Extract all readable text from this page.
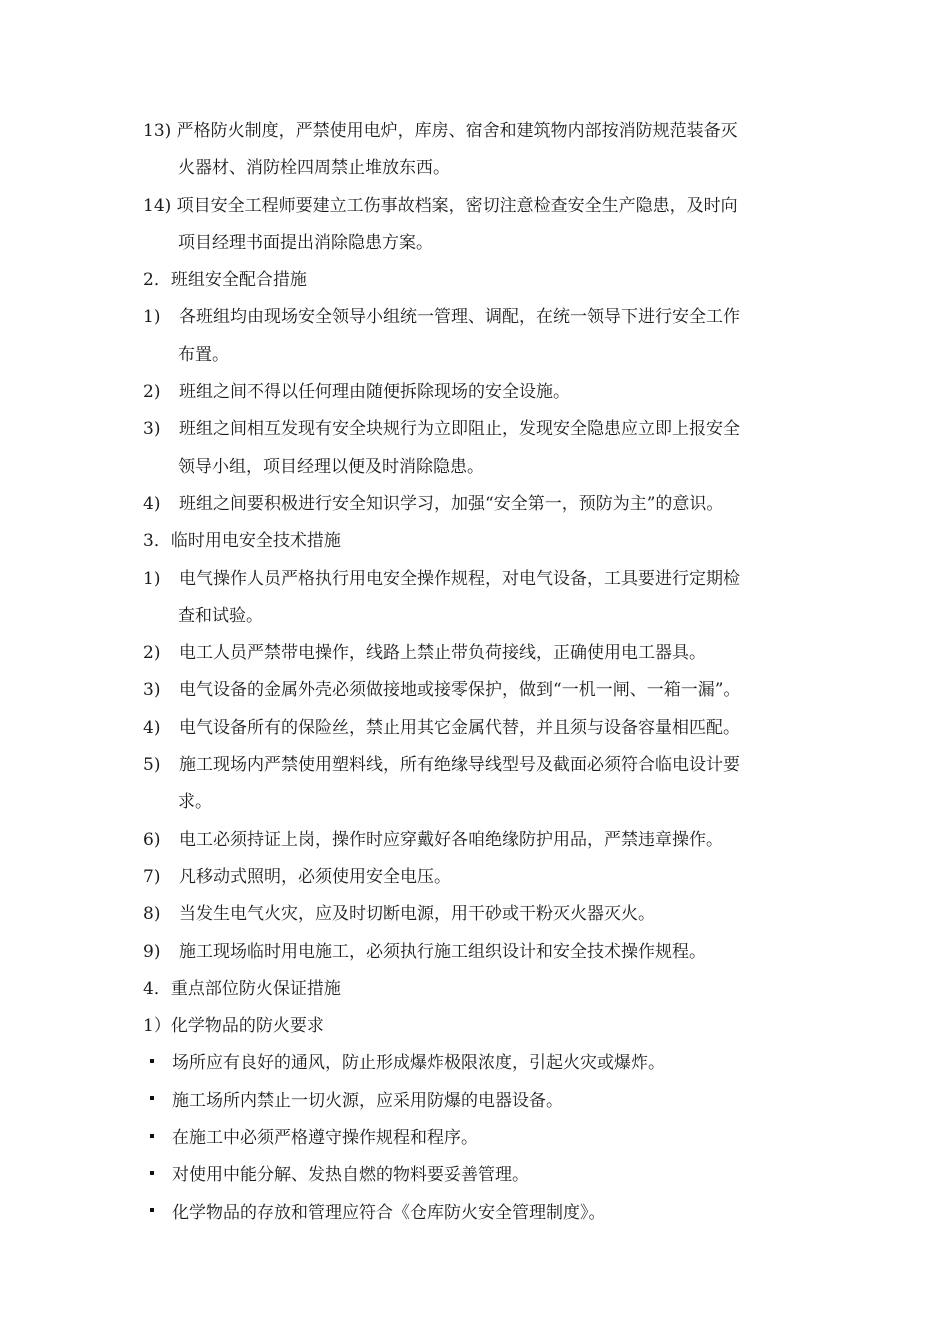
13) 严格防火制度，严禁使用电炉，库房、宿舍和建筑物内部按消防规范装备灭
火器材、消防栓四周禁止堆放东西。
14) 项目安全工程师要建立工伤事故档案，密切注意检查安全生产隐患，及时向
项目经理书面提出消除隐患方案。
2．班组安全配合措施
1) 各班组均由现场安全领导小组统一管理、调配，在统一领导下进行安全工作
布置。
2) 班组之间不得以任何理由随便拆除现场的安全设施。
3) 班组之间相互发现有安全块规行为立即阻止，发现安全隐患应立即上报安全
领导小组，项目经理以便及时消除隐患。
4) 班组之间要积极进行安全知识学习，加强“安全第一，预防为主”的意识。
3．临时用电安全技术措施
1) 电气操作人员严格执行用电安全操作规程，对电气设备，工具要进行定期检
查和试验。
2) 电工人员严禁带电操作，线路上禁止带负荷接线，正确使用电工器具。
3) 电气设备的金属外壳必须做接地或接零保护，做到“一机一闸、一箱一漏”。
4) 电气设备所有的保险丝，禁止用其它金属代替，并且须与设备容量相匹配。
5) 施工现场内严禁使用塑料线，所有绝缘导线型号及截面必须符合临电设计要
求。
6) 电工必须持证上岗，操作时应穿戴好各咱绝缘防护用品，严禁违章操作。
7) 凡移动式照明，必须使用安全电压。
8) 当发生电气火灾，应及时切断电源，用干砂或干粉灭火器灭火。
9) 施工现场临时用电施工，必须执行施工组织设计和安全技术操作规程。
4．重点部位防火保证措施
1）化学物品的防火要求
场所应有良好的通风，防止形成爆炸极限浓度，引起火灾或爆炸。
施工场所内禁止一切火源，应采用防爆的电器设备。
在施工中必须严格遵守操作规程和程序。
对使用中能分解、发热自燃的物料要妥善管理。
化学物品的存放和管理应符合《仓库防火安全管理制度》。
